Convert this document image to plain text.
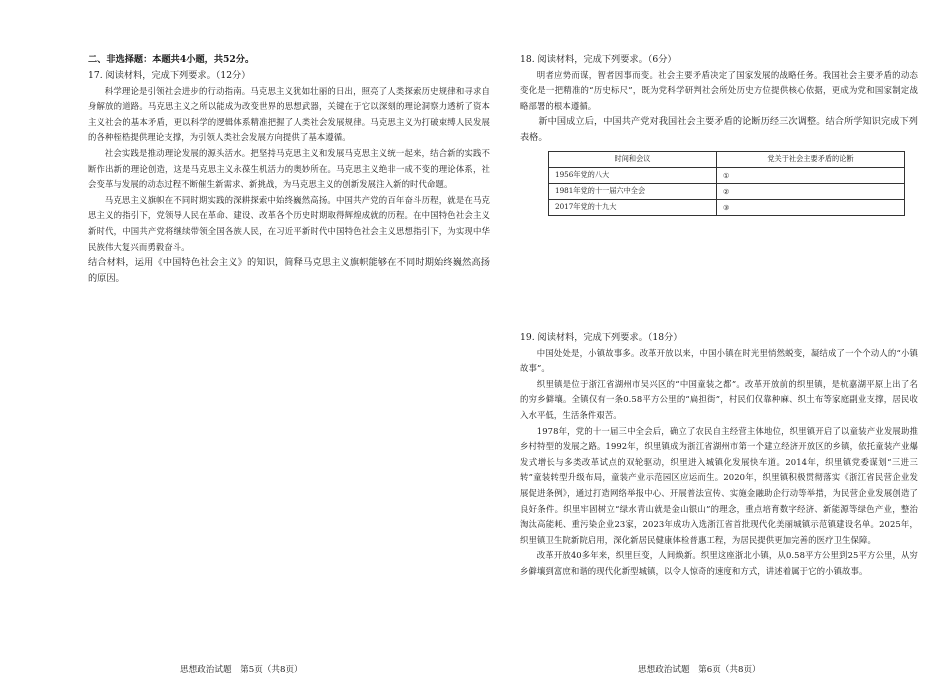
二、非选择题：本题共4小题，共52分。

17. 阅读材料，完成下列要求。（12分）

科学理论是引领社会进步的行动指南。马克思主义犹如壮丽的日出，照亮了人类探索历史规律和寻求自身解放的道路。马克思主义之所以能成为改变世界的思想武器，关键在于它以深刻的理论洞察力透析了资本主义社会的基本矛盾，更以科学的逻辑体系精准把握了人类社会发展规律。马克思主义为打破束缚人民发展的各种桎梏提供理论支撑，为引领人类社会发展方向提供了基本遵循。

社会实践是推动理论发展的源头活水。把坚持马克思主义和发展马克思主义统一起来，结合新的实践不断作出新的理论创造，这是马克思主义永葆生机活力的奥妙所在。马克思主义绝非一成不变的理论体系，社会变革与发展的动态过程不断催生新需求、新挑战，为马克思主义的创新发展注入新的时代命题。

马克思主义旗帜在不同时期实践的深耕探索中始终巍然高扬。中国共产党的百年奋斗历程，就是在马克思主义的指引下，党领导人民在革命、建设、改革各个历史时期取得辉煌成就的历程。在中国特色社会主义新时代，中国共产党将继续带领全国各族人民，在习近平新时代中国特色社会主义思想指引下，为实现中华民族伟大复兴而勇毅奋斗。

结合材料，运用《中国特色社会主义》的知识，简释马克思主义旗帜能够在不同时期始终巍然高扬的原因。

思想政治试题　第5页（共8页）

18. 阅读材料，完成下列要求。（6分）

明者应势而谋，智者因事而变。社会主要矛盾决定了国家发展的战略任务。我国社会主要矛盾的动态变化是一把精准的“历史标尺”，既为党科学研判社会所处历史方位提供核心依据，更成为党和国家制定战略部署的根本遵循。

新中国成立后，中国共产党对我国社会主要矛盾的论断历经三次调整。结合所学知识完成下列表格。

时间和会议	党关于社会主要矛盾的论断
1956年党的八大	①
1981年党的十一届六中全会	②
2017年党的十九大	③

19. 阅读材料，完成下列要求。（18分）

中国处处是，小镇故事多。改革开放以来，中国小镇在时光里悄然蜕变，凝结成了一个个动人的“小镇故事”。

织里镇是位于浙江省湖州市吴兴区的“中国童装之都”。改革开放前的织里镇，是杭嘉湖平原上出了名的穷乡僻壤。全镇仅有一条0.58平方公里的“扁担街”，村民们仅靠种麻、织土布等家庭副业支撑，居民收入水平低，生活条件艰苦。

1978年，党的十一届三中全会后，确立了农民自主经营主体地位，织里镇开启了以童装产业发展助推乡村特型的发展之路。1992年，织里镇成为浙江省湖州市第一个建立经济开放区的乡镇，依托童装产业爆发式增长与多类改革试点的双轮驱动，织里进入城镇化发展快车道。2014年，织里镇党委谋划“三进三转”童装转型升级布局，童装产业示范园区应运而生。2020年，织里镇积极贯彻落实《浙江省民营企业发展促进条例》，通过打造网络举报中心、开展普法宣传、实施金融助企行动等举措，为民营企业发展创造了良好条件。织里牢固树立“绿水青山就是金山银山”的理念，重点培育数字经济、新能源等绿色产业，整治淘汰高能耗、重污染企业23家，2023年成功入选浙江省首批现代化美丽城镇示范镇建设名单。2025年，织里镇卫生院新院启用，深化新居民健康体检普惠工程，为居民提供更加完善的医疗卫生保障。

改革开放40多年来，织里巨变，人间焕新。织里这座浙北小镇，从0.58平方公里到25平方公里，从穷乡僻壤到富庶和谐的现代化新型城镇，以令人惊奇的速度和方式，讲述着属于它的小镇故事。

思想政治试题　第6页（共8页）
